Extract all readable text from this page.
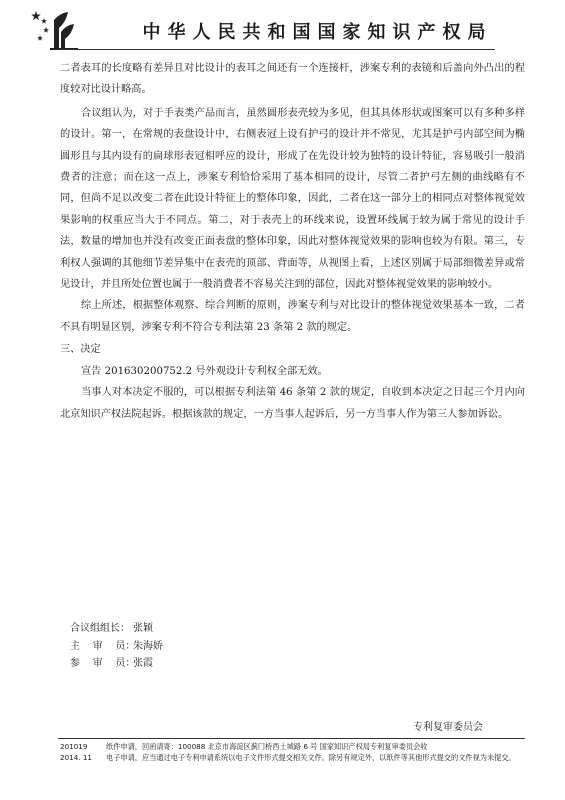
中华人民共和国国家知识产权局

二者表耳的长度略有差异且对比设计的表耳之间还有一个连接杆，涉案专利的表镜和后盖向外凸出的程度较对比设计略高。

合议组认为，对于手表类产品而言，虽然圆形表壳较为多见，但其具体形状或图案可以有多种多样的设计。第一，在常规的表盘设计中，右侧表冠上设有护弓的设计并不常见，尤其是护弓内部空间为椭圆形且与其内设有的扁球形表冠相呼应的设计，形成了在先设计较为独特的设计特征，容易吸引一般消费者的注意；而在这一点上，涉案专利恰恰采用了基本相同的设计，尽管二者护弓左侧的曲线略有不同，但尚不足以改变二者在此设计特征上的整体印象，因此，二者在这一部分上的相同点对整体视觉效果影响的权重应当大于不同点。第二，对于表壳上的环线来说，设置环线属于较为属于常见的设计手法，数量的增加也并没有改变正面表盘的整体印象，因此对整体视觉效果的影响也较为有限。第三，专利权人强调的其他细节差异集中在表壳的顶部、背面等，从视图上看，上述区别属于局部细微差异或常见设计，并且所处位置也属于一般消费者不容易关注到的部位，因此对整体视觉效果的影响较小。

综上所述，根据整体观察、综合判断的原则，涉案专利与对比设计的整体视觉效果基本一致，二者不具有明显区别，涉案专利不符合专利法第 23 条第 2 款的规定。

三、决定

宣告 201630200752.2 号外观设计专利权全部无效。

当事人对本决定不服的，可以根据专利法第 46 条第 2 款的规定，自收到本决定之日起三个月内向北京知识产权法院起诉。根据该款的规定，一方当事人起诉后，另一方当事人作为第三人参加诉讼。

合议组组长： 张颖
主    审    员：
朱海娇
参    审    员：
张霞
专利复审委员会
201019	纸件申请，回函请寄：100088 北京市海淀区蓟门桥西土城路 6 号 国家知识产权局专利复审委员会收
2014. 11	电子申请，应当通过电子专利申请系统以电子文件形式提交相关文件。除另有规定外，以纸件等其他形式提交的文件视为未提交。
